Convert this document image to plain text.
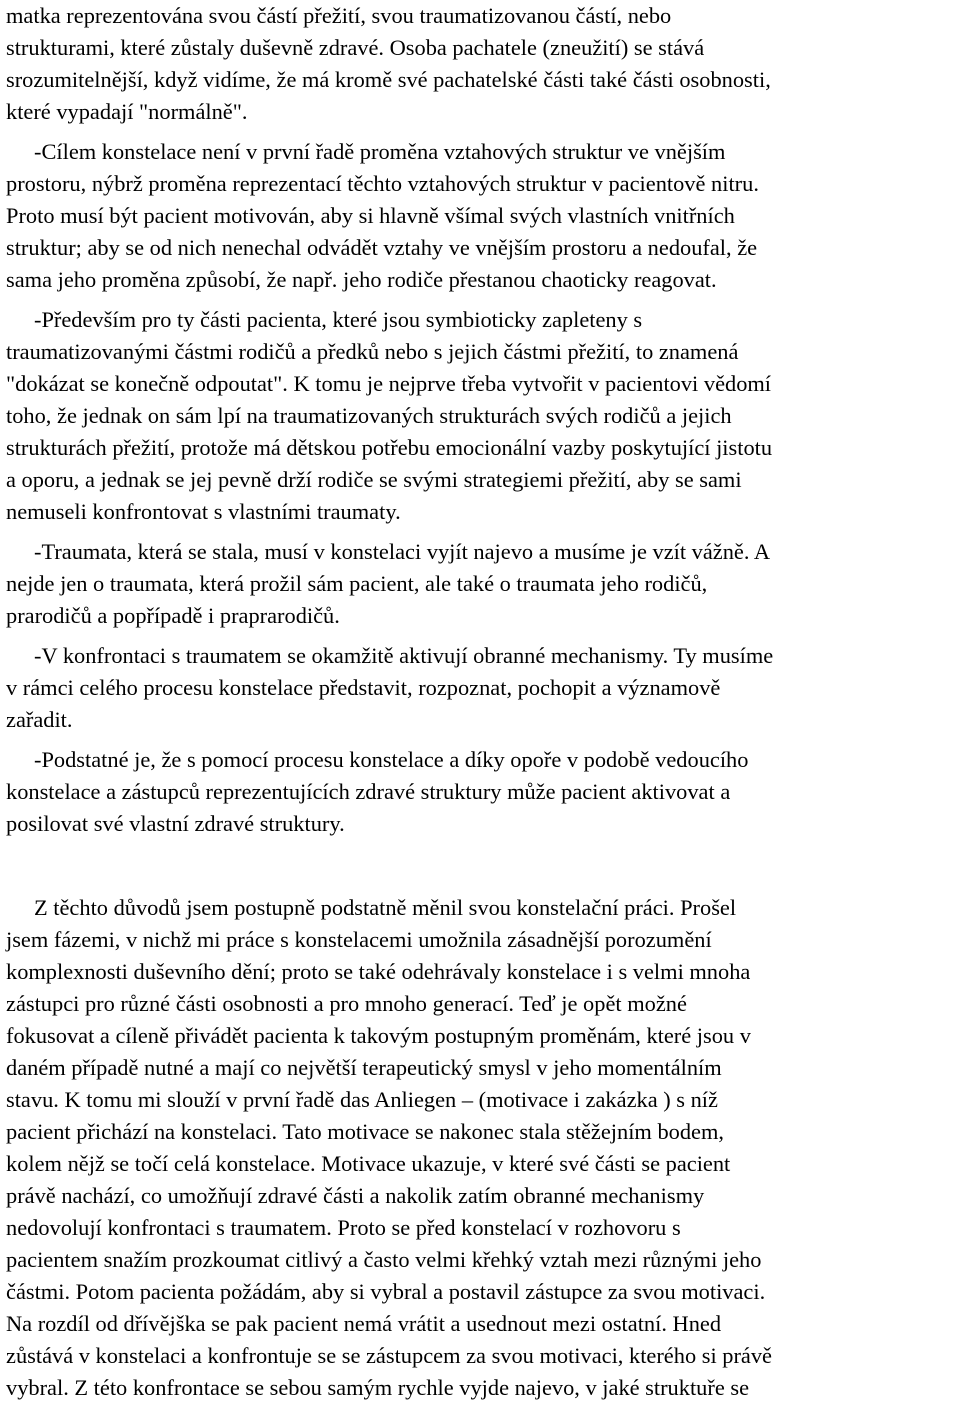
matka reprezentována svou částí přežití, svou traumatizovanou částí, nebo
strukturami, které zůstaly duševně zdravé. Osoba pachatele (zneužití) se stává
srozumitelnější, když vidíme, že má kromě své pachatelské části také části osobnosti,
které vypadají "normálně".
-Cílem konstelace není v první řadě proměna vztahových struktur ve vnějším
prostoru, nýbrž proměna reprezentací těchto vztahových struktur v pacientově nitru.
Proto musí být pacient motivován, aby si hlavně všímal svých vlastních vnitřních
struktur; aby se od nich nenechal odvádět vztahy ve vnějším prostoru a nedoufal, že
sama jeho proměna způsobí, že např. jeho rodiče přestanou chaoticky reagovat.
-Především pro ty části pacienta, které jsou symbioticky zapleteny s
traumatizovanými částmi rodičů a předků nebo s jejich částmi přežití, to znamená
"dokázat se konečně odpoutat". K tomu je nejprve třeba vytvořit v pacientovi vědomí
toho, že jednak on sám lpí na traumatizovaných strukturách svých rodičů a jejich
strukturách přežití, protože má dětskou potřebu emocionální vazby poskytující jistotu
a oporu, a jednak se jej pevně drží rodiče se svými strategiemi přežití, aby se sami
nemuseli konfrontovat s vlastními traumaty.
-Traumata, která se stala, musí v konstelaci vyjít najevo a musíme je vzít vážně. A
nejde jen o traumata, která prožil sám pacient, ale také o traumata jeho rodičů,
prarodičů a popřípadě i praprarodičů.
-V konfrontaci s traumatem se okamžitě aktivují obranné mechanismy. Ty musíme
v rámci celého procesu konstelace představit, rozpoznat, pochopit a významově
zařadit.
-Podstatné je, že s pomocí procesu konstelace a díky opoře v podobě vedoucího
konstelace a zástupců reprezentujících zdravé struktury může pacient aktivovat a
posilovat své vlastní zdravé struktury.
Z těchto důvodů jsem postupně podstatně měnil svou konstelační práci. Prošel
jsem fázemi, v nichž mi práce s konstelacemi umožnila zásadnější porozumění
komplexnosti duševního dění; proto se také odehrávaly konstelace i s velmi mnoha
zástupci pro různé části osobnosti a pro mnoho generací. Teď je opět možné
fokusovat a cíleně přivádět pacienta k takovým postupným proměnám, které jsou v
daném případě nutné a mají co největší terapeutický smysl v jeho momentálním
stavu. K tomu mi slouží v první řadě das Anliegen – (motivace i zakázka ) s níž
pacient přichází na konstelaci. Tato motivace se nakonec stala stěžejním bodem,
kolem nějž se točí celá konstelace. Motivace ukazuje, v které své části se pacient
právě nachází, co umožňují zdravé části a nakolik zatím obranné mechanismy
nedovolují konfrontaci s traumatem. Proto se před konstelací v rozhovoru s
pacientem snažím prozkoumat citlivý a často velmi křehký vztah mezi různými jeho
částmi. Potom pacienta požádám, aby si vybral a postavil zástupce za svou motivaci.
Na rozdíl od dřívějška se pak pacient nemá vrátit a usednout mezi ostatní. Hned
zůstává v konstelaci a konfrontuje se se zástupcem za svou motivaci, kterého si právě
vybral. Z této konfrontace se sebou samým rychle vyjde najevo, v jaké struktuře se
